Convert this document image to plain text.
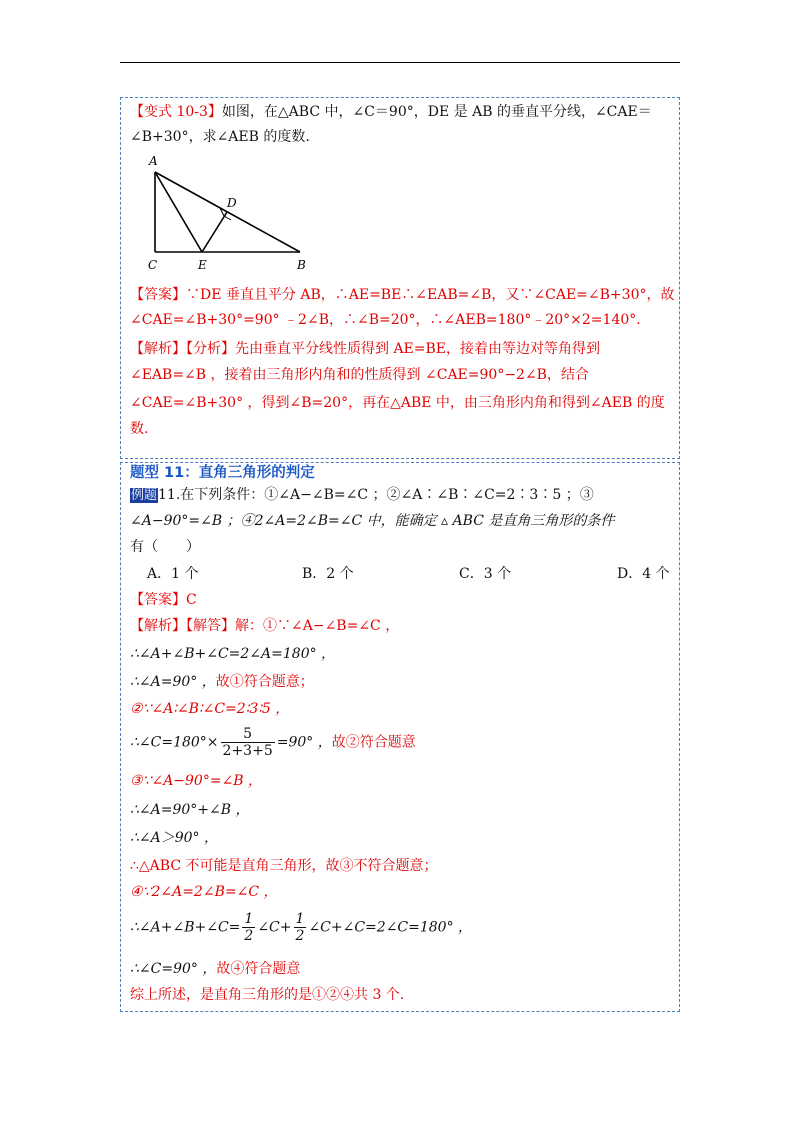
【变式 10-3】如图，在△ABC 中，∠C＝90°，DE 是 AB 的垂直平分线，∠CAE＝
∠B+30°，求∠AEB 的度数.
A
C	E	B
D
【答案】∵DE 垂直且平分 AB，∴AE=BE∴∠EAB=∠B，又∵∠CAE=∠B+30°，故
∠CAE=∠B+30°=90° ﹣2∠B，∴∠B=20°，∴∠AEB=180°﹣20°×2=140°.
【解析】【分析】先由垂直平分线性质得到 AE=BE，接着由等边对等角得到
∠EAB=∠B ，接着由三角形内角和的性质得到 ∠CAE=90°−2∠B，结合
∠CAE=∠B+30° ，得到∠B=20°，再在△ABE 中，由三角形内角和得到∠AEB 的度
数.
题型 11：直角三角形的判定
例题11.在下列条件：①∠A−∠B=∠C ；②∠A∶∠B∶∠C=2∶3∶5 ；③
∠A−90°=∠B ；④2∠A=2∠B=∠C 中，能确定 ▵ ABC 是直角三角形的条件
有（　　）
A．1 个	B．2 个	C．3 个	D．4 个
【答案】C
【解析】【解答】解：①∵∠A−∠B=∠C ，
∴∠A+∠B+∠C=2∠A=180° ，
∴∠A=90° ，故①符合题意；
②∵∠A∶∠B∶∠C=2∶3∶5 ，
∴∠C=180°× $\frac{5}{2+3+5} =90^\circ$ ，故②符合题意
③∵∠A−90°=∠B ，
∴∠A=90°+∠B ，
∴∠A＞90° ，
∴△ABC 不可能是直角三角形，故③不符合题意；
④∵2∠A=2∠B=∠C ，
∴∠A+∠B+∠C= $\frac{1}{2}$ ∠C+ $\frac{1}{2}$ ∠C+∠C=2∠C=180° ，
∴∠C=90° ，故④符合题意
综上所述，是直角三角形的是①②④共 3 个.
